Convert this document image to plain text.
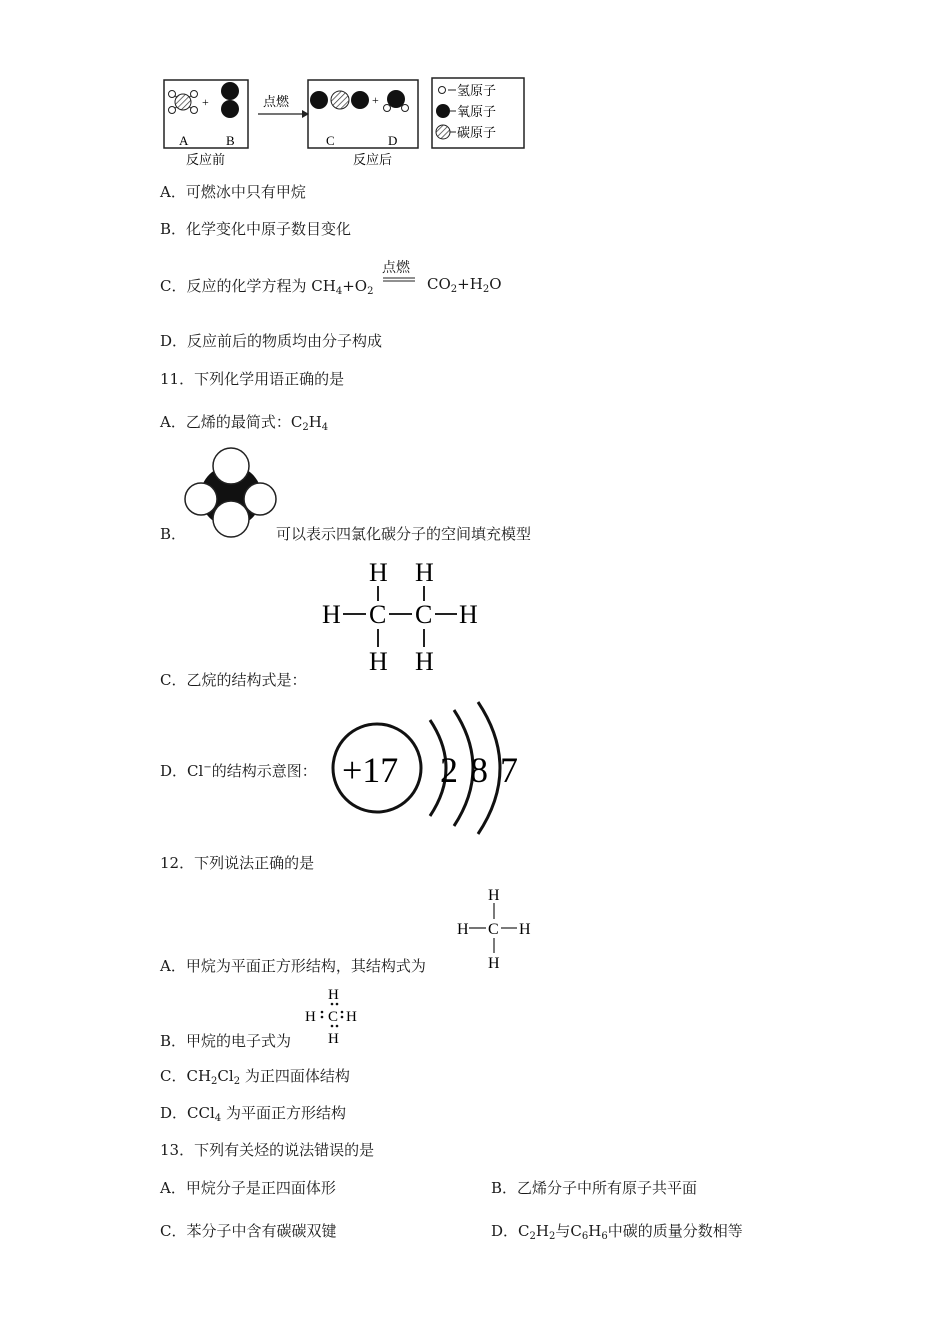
+
A	B
反应前
点燃	+
C	D
反应后
氢原子
氧原子
碳原子
A．可燃冰中只有甲烷
B．化学变化中原子数目变化
C．反应的化学方程为 $CH_4+O_2$
点燃
$CO_2+H_2O$
D．反应前后的物质均由分子构成
11．下列化学用语正确的是
A．乙烯的最简式：$C_2H_4$
B．	可以表示四氯化碳分子的空间填充模型
H H
H C C H
H H
C．乙烷的结构式是：
D．Cl−的结构示意图： +17 2 8 7
12．下列说法正确的是
H
H C H
H
A．甲烷为平面正方形结构，其结构式为
H
H C H
H
B．甲烷的电子式为
C．$CH_2Cl_2$ 为正四面体结构
D．CCl$_4$ 为平面正方形结构
13．下列有关烃的说法错误的是
A．甲烷分子是正四面体形	B．乙烯分子中所有原子共平面
C．苯分子中含有碳碳双键	D．$C_2H_2$与$C_6H_6$中碳的质量分数相等
